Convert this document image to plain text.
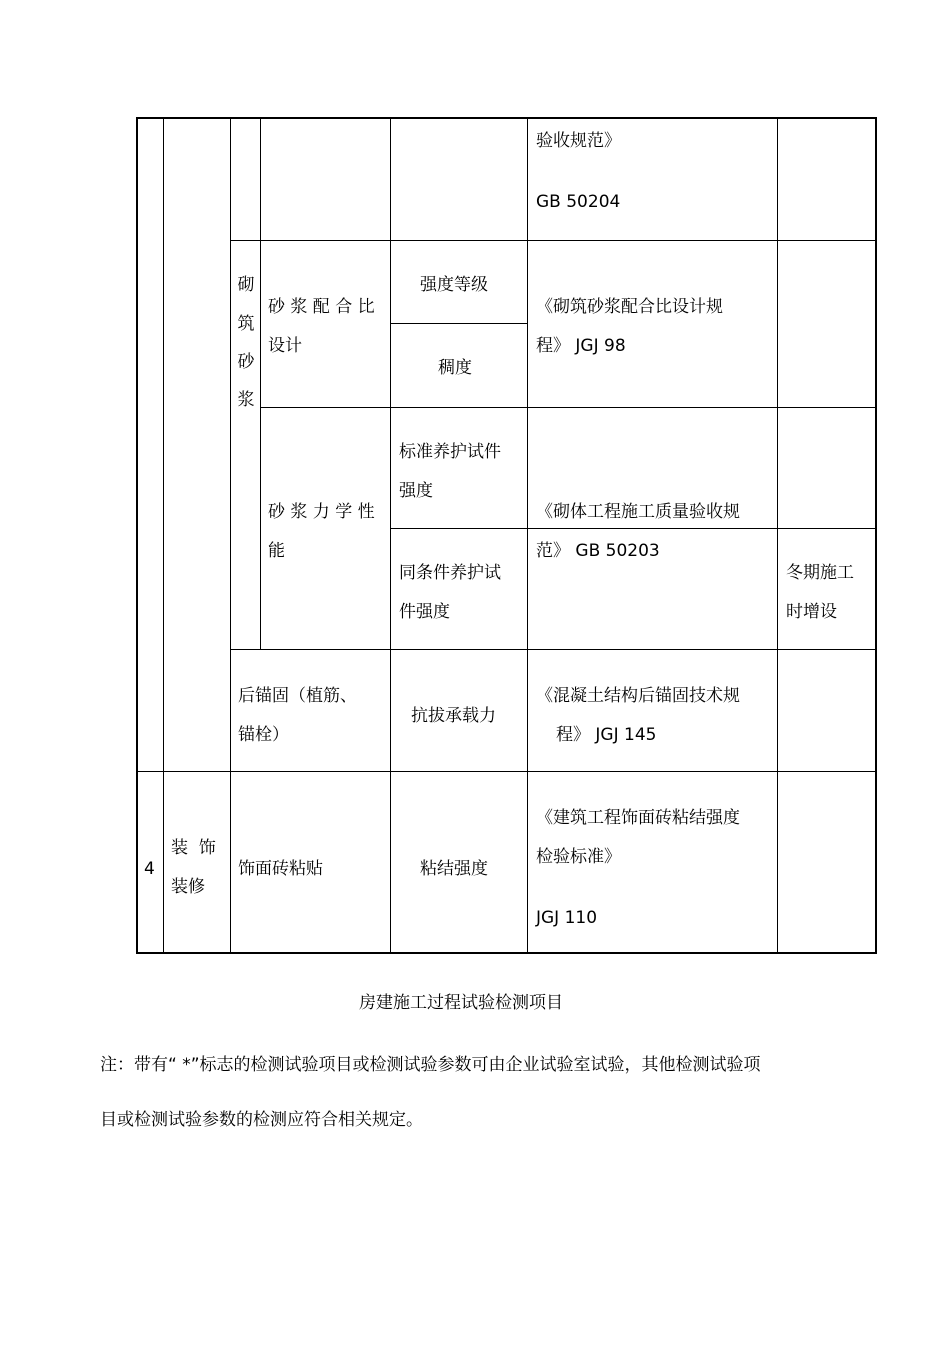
验收规范》
GB 50204
砌
筑
砂
浆
砂 浆 配 合 比
设计
强度等级
稠度
《砌筑砂浆配合比设计规
程》 JGJ 98
砂 浆 力 学 性
能
标准养护试件
强度
同条件养护试
件强度
《砌体工程施工质量验收规
范》 GB 50203
冬期施工
时增设
后锚固（植筋、
锚栓）
抗拔承载力
《混凝土结构后锚固技术规
程》 JGJ 145
4
装  饰
装修
饰面砖粘贴	粘结强度
《建筑工程饰面砖粘结强度
检验标准》
JGJ 110
房建施工过程试验检测项目
注：带有“ *”标志的检测试验项目或检测试验参数可由企业试验室试验，其他检测试验项
目或检测试验参数的检测应符合相关规定。
